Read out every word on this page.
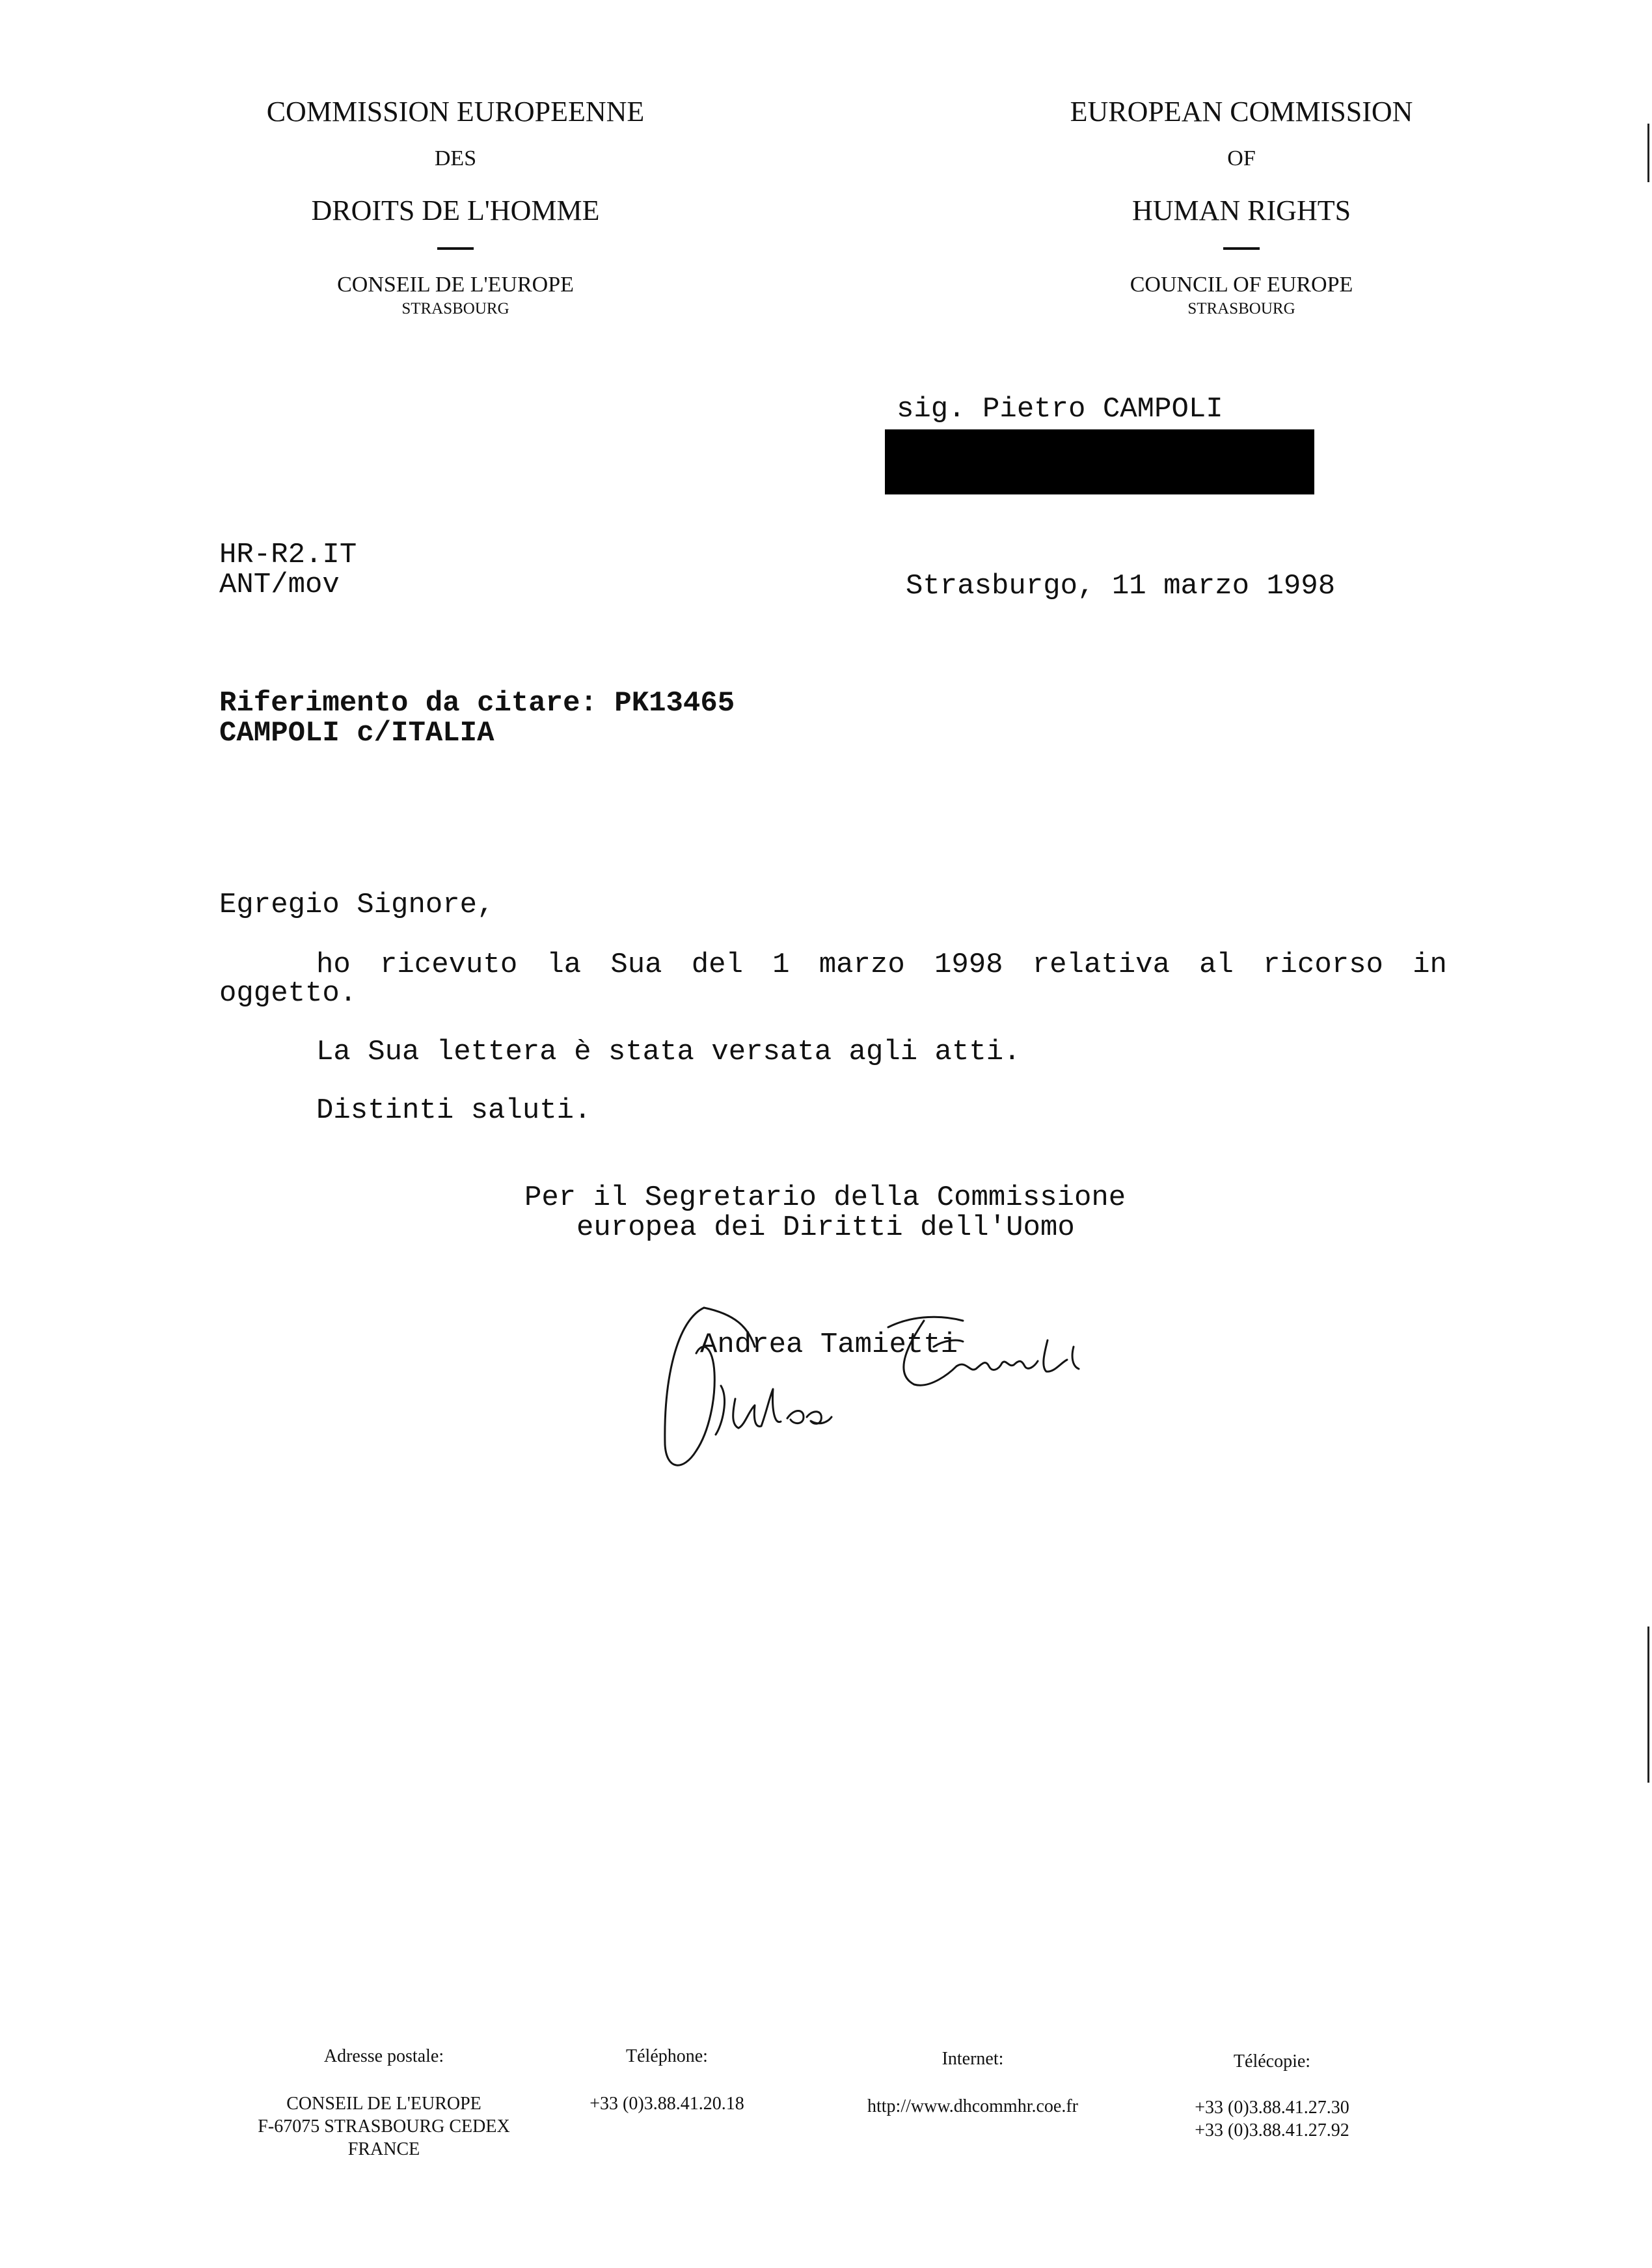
COMMISSION EUROPEENNE
DES
DROITS DE L'HOMME
CONSEIL DE L'EUROPE
STRASBOURG
EUROPEAN COMMISSION
OF
HUMAN RIGHTS
COUNCIL OF EUROPE
STRASBOURG
sig. Pietro CAMPOLI
HR-R2.IT
ANT/mov	Strasburgo, 11 marzo 1998
Riferimento da citare: PK13465
CAMPOLI c/ITALIA
Egregio Signore,
ho ricevuto la Sua del 1 marzo 1998 relativa al ricorso in
oggetto.
La Sua lettera è stata versata agli atti.
Distinti saluti.
Per il Segretario della Commissione
europea dei Diritti dell'Uomo
Andrea Tamietti
Adresse postale:
CONSEIL DE L'EUROPE
F-67075 STRASBOURG CEDEX
FRANCE
Téléphone:
+33 (0)3.88.41.20.18
Internet:
http://www.dhcommhr.coe.fr
Télécopie:
+33 (0)3.88.41.27.30
+33 (0)3.88.41.27.92
